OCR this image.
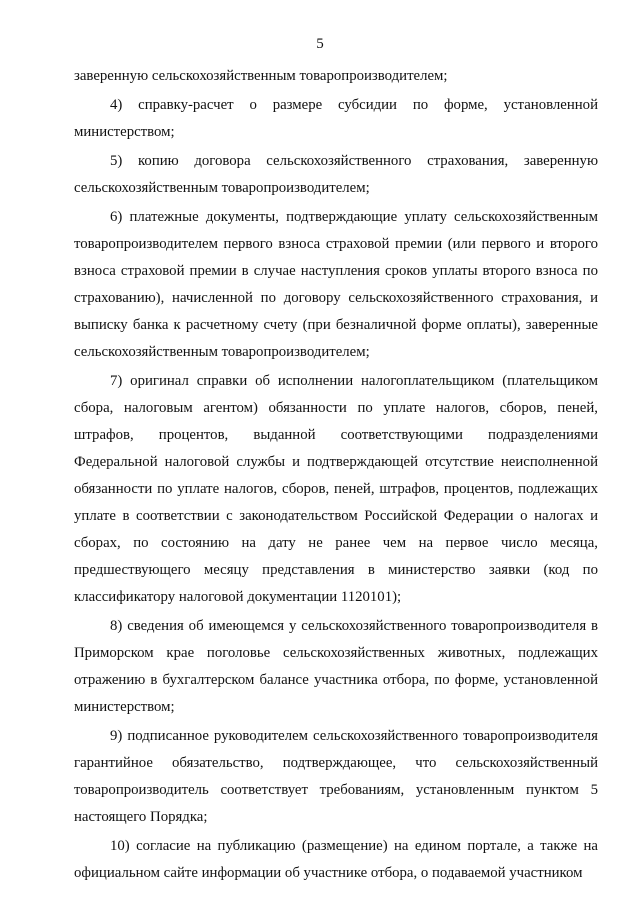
5

заверенную сельскохозяйственным товаропроизводителем;

4) справку-расчет о размере субсидии по форме, установленной министерством;

5) копию договора сельскохозяйственного страхования, заверенную сельскохозяйственным товаропроизводителем;

6) платежные документы, подтверждающие уплату сельскохозяйственным товаропроизводителем первого взноса страховой премии (или первого и второго взноса страховой премии в случае наступления сроков уплаты второго взноса по страхованию), начисленной по договору сельскохозяйственного страхования, и выписку банка к расчетному счету (при безналичной форме оплаты), заверенные сельскохозяйственным товаропроизводителем;

7) оригинал справки об исполнении налогоплательщиком (плательщиком сбора, налоговым агентом) обязанности по уплате налогов, сборов, пеней, штрафов, процентов, выданной соответствующими подразделениями Федеральной налоговой службы и подтверждающей отсутствие неисполненной обязанности по уплате налогов, сборов, пеней, штрафов, процентов, подлежащих уплате в соответствии с законодательством Российской Федерации о налогах и сборах, по состоянию на дату не ранее чем на первое число месяца, предшествующего месяцу представления в министерство заявки (код по классификатору налоговой документации 1120101);

8) сведения об имеющемся у сельскохозяйственного товаропроизводителя в Приморском крае поголовье сельскохозяйственных животных, подлежащих отражению в бухгалтерском балансе участника отбора, по форме, установленной министерством;

9) подписанное руководителем сельскохозяйственного товаропроизводителя гарантийное обязательство, подтверждающее, что сельскохозяйственный товаропроизводитель соответствует требованиям, установленным пунктом 5 настоящего Порядка;

10) согласие на публикацию (размещение) на едином портале, а также на официальном сайте информации об участнике отбора, о подаваемой участником
